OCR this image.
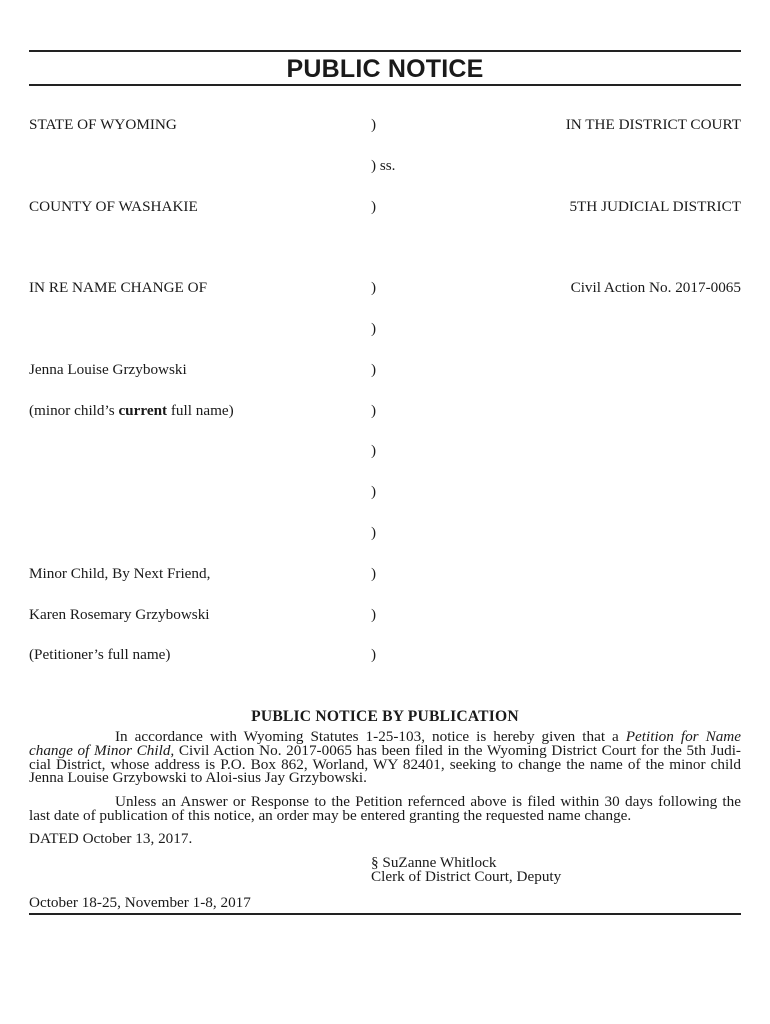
PUBLIC NOTICE

STATE OF WYOMING

COUNTY OF WASHAKIE

IN RE NAME CHANGE OF

Jenna Louise Grzybowski

(minor child’s current full name)

Minor Child, By Next Friend,

Karen Rosemary Grzybowski

(Petitioner’s full name)

)

) ss.

)

)

)

)

)

)

)

)

)

)

)

IN THE DISTRICT COURT

5TH JUDICIAL DISTRICT

Civil Action No. 2017-0065

PUBLIC NOTICE BY PUBLICATION

In accordance with Wyoming Statutes 1-25-103, notice is hereby given that a Petition for Name change of Minor Child, Civil Action No. 2017-0065 has been filed in the Wyoming District Court for the 5th Judi-cial District, whose address is P.O. Box 862, Worland, WY 82401, seeking to change the name of the minor child Jenna Louise Grzybowski to Aloi-sius Jay Grzybowski.

Unless an Answer or Response to the Petition refernced above is filed within 30 days following the last date of publication of this notice, an order may be entered granting the requested name change.

DATED October 13, 2017.

§ SuZanne Whitlock
Clerk of District Court, Deputy
October 18-25, November 1-8, 2017
